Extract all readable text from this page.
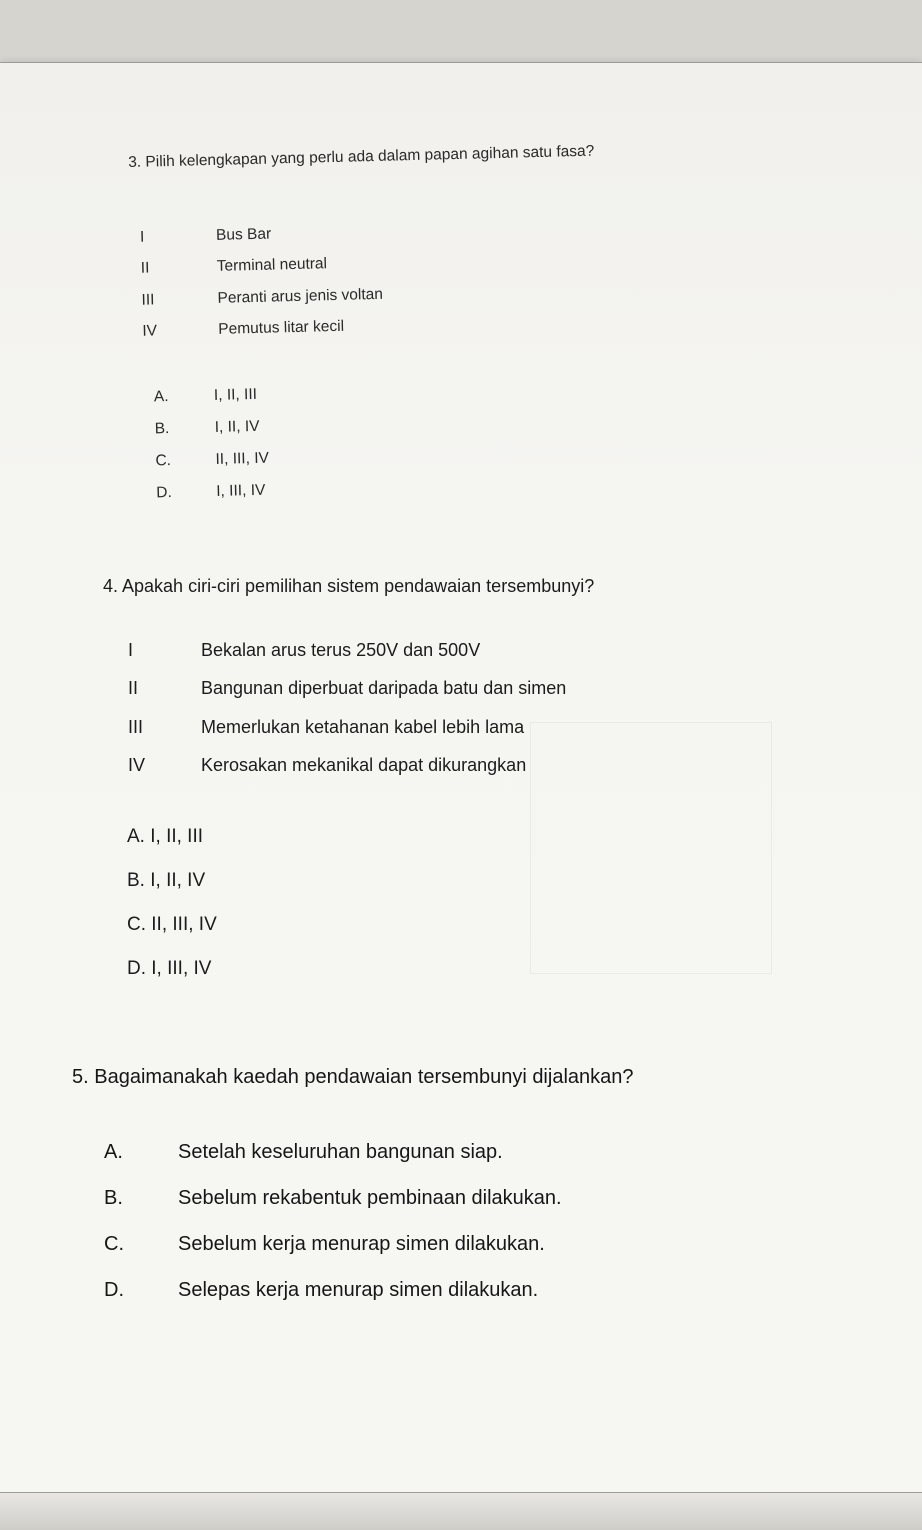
3. Pilih kelengkapan yang perlu ada dalam papan agihan satu fasa?
I	Bus Bar
II	Terminal neutral
III	Peranti arus jenis voltan
IV	Pemutus litar kecil
A.	I, II, III
B.	I, II, IV
C.	II, III, IV
D.	I, III, IV
4. Apakah ciri-ciri pemilihan sistem pendawaian tersembunyi?
I	Bekalan arus terus 250V dan 500V
II	Bangunan diperbuat daripada batu dan simen
III	Memerlukan ketahanan kabel lebih lama
IV	Kerosakan mekanikal dapat dikurangkan
A. I, II, III
B. I, II, IV
C. II, III, IV
D. I, III, IV
5. Bagaimanakah kaedah pendawaian tersembunyi dijalankan?
A.	Setelah keseluruhan bangunan siap.
B.	Sebelum rekabentuk pembinaan dilakukan.
C.	Sebelum kerja menurap simen dilakukan.
D.	Selepas kerja menurap simen dilakukan.
